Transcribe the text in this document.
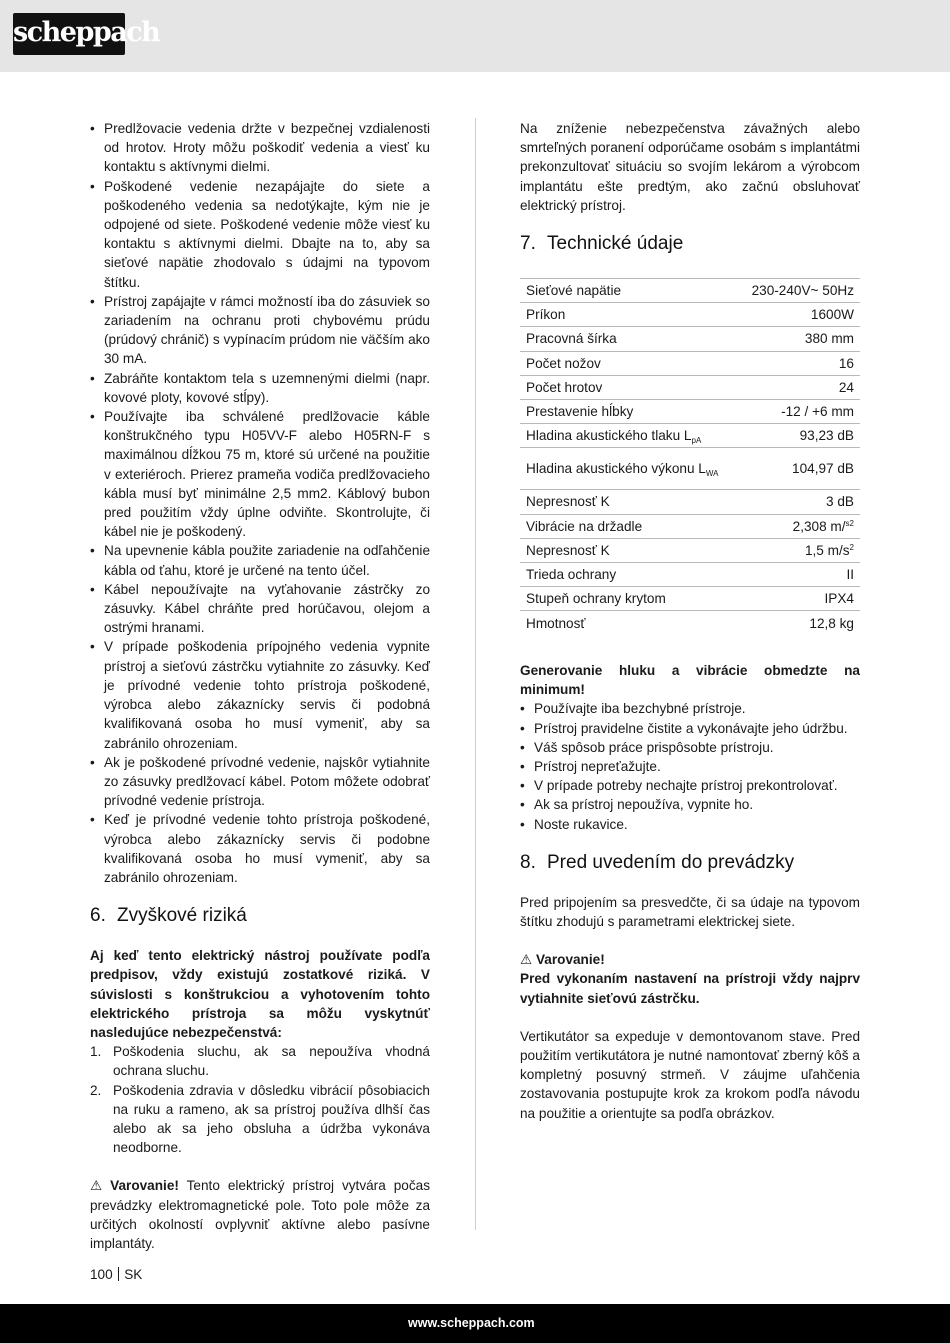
scheppach
• Predlžovacie vedenia držte v bezpečnej vzdialenosti od hrotov. Hroty môžu poškodiť vedenia a viesť ku kontaktu s aktívnymi dielmi.
• Poškodené vedenie nezapájajte do siete a poškodeného vedenia sa nedotýkajte, kým nie je odpojené od siete. Poškodené vedenie môže viesť ku kontaktu s aktívnymi dielmi. Dbajte na to, aby sa sieťové napätie zhodovalo s údajmi na typovom štítku.
• Prístroj zapájajte v rámci možností iba do zásuviek so zariadením na ochranu proti chybovému prúdu (prúdový chránič) s vypínacím prúdom nie väčším ako 30 mA.
• Zabráňte kontaktom tela s uzemnenými dielmi (napr. kovové ploty, kovové stĺpy).
• Používajte iba schválené predlžovacie káble konštrukčného typu H05VV-F alebo H05RN-F s maximálnou dĺžkou 75 m, ktoré sú určené na použitie v exteriéroch. Prierez prameňa vodiča predlžovacieho kábla musí byť minimálne 2,5 mm2. Káblový bubon pred použitím vždy úplne odviňte. Skontrolujte, či kábel nie je poškodený.
• Na upevnenie kábla použite zariadenie na odľahčenie kábla od ťahu, ktoré je určené na tento účel.
• Kábel nepoužívajte na vyťahovanie zástrčky zo zásuvky. Kábel chráňte pred horúčavou, olejom a ostrými hranami.
• V prípade poškodenia prípojného vedenia vypnite prístroj a sieťovú zástrčku vytiahnite zo zásuvky. Keď je prívodné vedenie tohto prístroja poškodené, výrobca alebo zákaznícky servis či podobná kvalifikovaná osoba ho musí vymeniť, aby sa zabránilo ohrozeniam.
• Ak je poškodené prívodné vedenie, najskôr vytiahnite zo zásuvky predlžovací kábel. Potom môžete odobrať prívodné vedenie prístroja.
• Keď je prívodné vedenie tohto prístroja poškodené, výrobca alebo zákaznícky servis či podobne kvalifikovaná osoba ho musí vymeniť, aby sa zabránilo ohrozeniam.
6. Zvyškové riziká

Aj keď tento elektrický nástroj používate podľa predpisov, vždy existujú zostatkové riziká. V súvislosti s konštrukciou a vyhotovením tohto elektrického prístroja sa môžu vyskytnúť nasledujúce nebezpečenstvá:

1. Poškodenia sluchu, ak sa nepoužíva vhodná ochrana sluchu.
2. Poškodenia zdravia v dôsledku vibrácií pôsobiacich na ruku a rameno, ak sa prístroj používa dlhší čas alebo ak sa jeho obsluha a údržba vykonáva neodborne.

⚠ Varovanie! Tento elektrický prístroj vytvára počas prevádzky elektromagnetické pole. Toto pole môže za určitých okolností ovplyvniť aktívne alebo pasívne implantáty.

Na zníženie nebezpečenstva závažných alebo smrteľných poranení odporúčame osobám s implantátmi prekonzultovať situáciu so svojím lekárom a výrobcom implantátu ešte predtým, ako začnú obsluhovať elektrický prístroj.

7. Technické údaje
Sieťové napätie	230-240V~ 50Hz
Príkon	1600W
Pracovná šírka	380 mm
Počet nožov	16
Počet hrotov	24
Prestavenie hĺbky	-12 / +6 mm
Hladina akustického tlaku $L_{pA}$	93,23 dB
Hladina akustického výkonu $L_{WA}$	104,97 dB
Nepresnosť K	3 dB
Vibrácie na držadle	2,308 m/$^{s2}$
Nepresnosť K	1,5 $m/s^2$
Trieda ochrany	II
Stupeň ochrany krytom	IPX4
Hmotnosť	12,8 kg

Generovanie hluku a vibrácie obmedzte na minimum!

• Používajte iba bezchybné prístroje.
• Prístroj pravidelne čistite a vykonávajte jeho údržbu.
• Váš spôsob práce prispôsobte prístroju.
• Prístroj nepreťažujte.
• V prípade potreby nechajte prístroj prekontrolovať.
• Ak sa prístroj nepoužíva, vypnite ho.
• Noste rukavice.
8. Pred uvedením do prevádzky

Pred pripojením sa presvedčte, či sa údaje na typovom štítku zhodujú s parametrami elektrickej siete.

⚠ Varovanie!

Pred vykonaním nastavení na prístroji vždy najprv vytiahnite sieťovú zástrčku.

Vertikutátor sa expeduje v demontovanom stave. Pred použitím vertikutátora je nutné namontovať zberný kôš a kompletný posuvný strmeň. V záujme uľahčenia zostavovania postupujte krok za krokom podľa návodu na použitie a orientujte sa podľa obrázkov.

100 SK
www.scheppach.com
